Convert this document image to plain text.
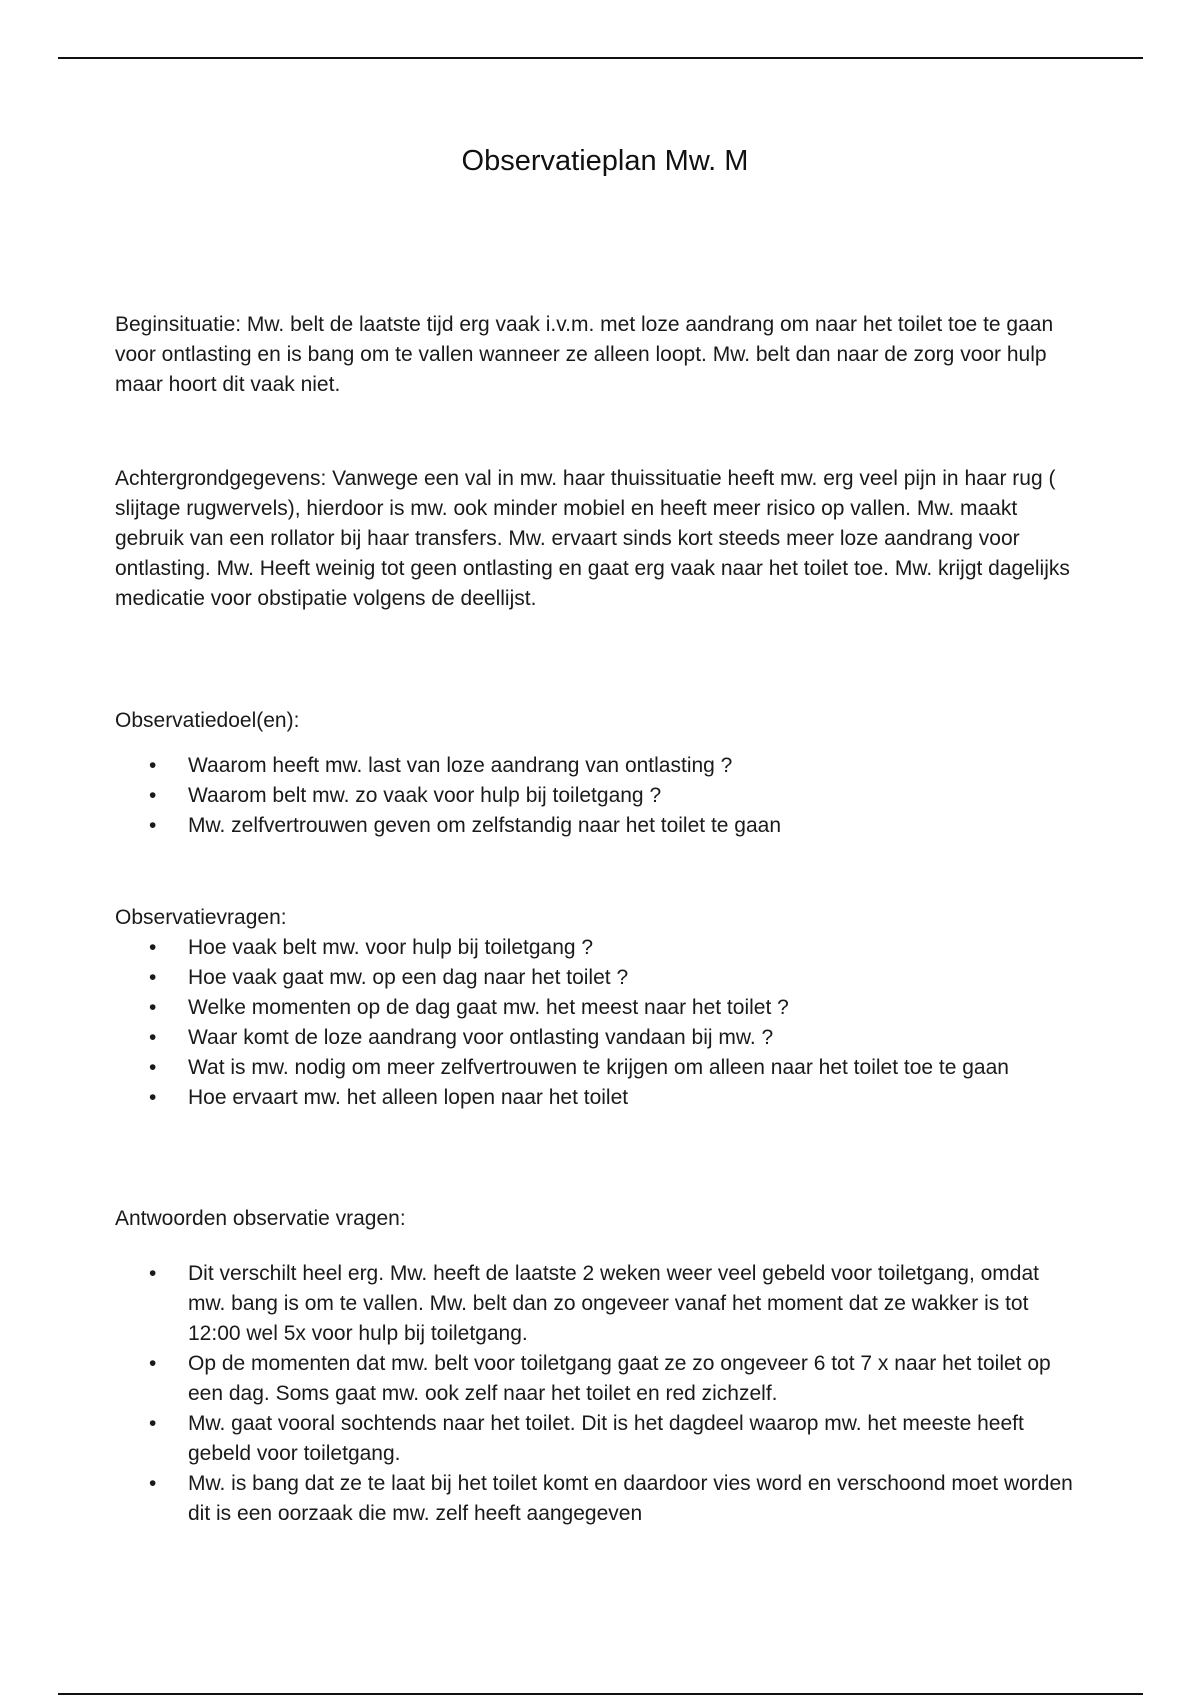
Observatieplan Mw. M

Beginsituatie: Mw. belt de laatste tijd erg vaak i.v.m. met loze aandrang om naar het toilet toe te gaan voor ontlasting en is bang om te vallen wanneer ze alleen loopt. Mw. belt dan naar de zorg voor hulp maar hoort dit vaak niet.

Achtergrondgegevens: Vanwege een val in mw. haar thuissituatie heeft mw. erg veel pijn in haar rug ( slijtage rugwervels), hierdoor is mw. ook minder mobiel en heeft meer risico op vallen. Mw. maakt gebruik van een rollator bij haar transfers. Mw. ervaart sinds kort steeds meer loze aandrang voor ontlasting. Mw. Heeft weinig tot geen ontlasting en gaat erg vaak naar het toilet toe. Mw. krijgt dagelijks medicatie voor obstipatie volgens de deellijst.

Observatiedoel(en):

• Waarom heeft mw. last van loze aandrang van ontlasting ?
• Waarom belt mw. zo vaak voor hulp bij toiletgang ?
• Mw. zelfvertrouwen geven om zelfstandig naar het toilet te gaan

Observatievragen:

• Hoe vaak belt mw. voor hulp bij toiletgang ?
• Hoe vaak gaat mw. op een dag naar het toilet ?
• Welke momenten op de dag gaat mw. het meest naar het toilet ?
• Waar komt de loze aandrang voor ontlasting vandaan bij mw. ?
• Wat is mw. nodig om meer zelfvertrouwen te krijgen om alleen naar het toilet toe te gaan
• Hoe ervaart mw. het alleen lopen naar het toilet

Antwoorden observatie vragen:

• Dit verschilt heel erg. Mw. heeft de laatste 2 weken weer veel gebeld voor toiletgang, omdat mw. bang is om te vallen. Mw. belt dan zo ongeveer vanaf het moment dat ze wakker is tot 12:00 wel 5x voor hulp bij toiletgang.
• Op de momenten dat mw. belt voor toiletgang gaat ze zo ongeveer 6 tot 7 x naar het toilet op een dag. Soms gaat mw. ook zelf naar het toilet en red zichzelf.
• Mw. gaat vooral sochtends naar het toilet. Dit is het dagdeel waarop mw. het meeste heeft gebeld voor toiletgang.
• Mw. is bang dat ze te laat bij het toilet komt en daardoor vies word en verschoond moet worden dit is een oorzaak die mw. zelf heeft aangegeven
